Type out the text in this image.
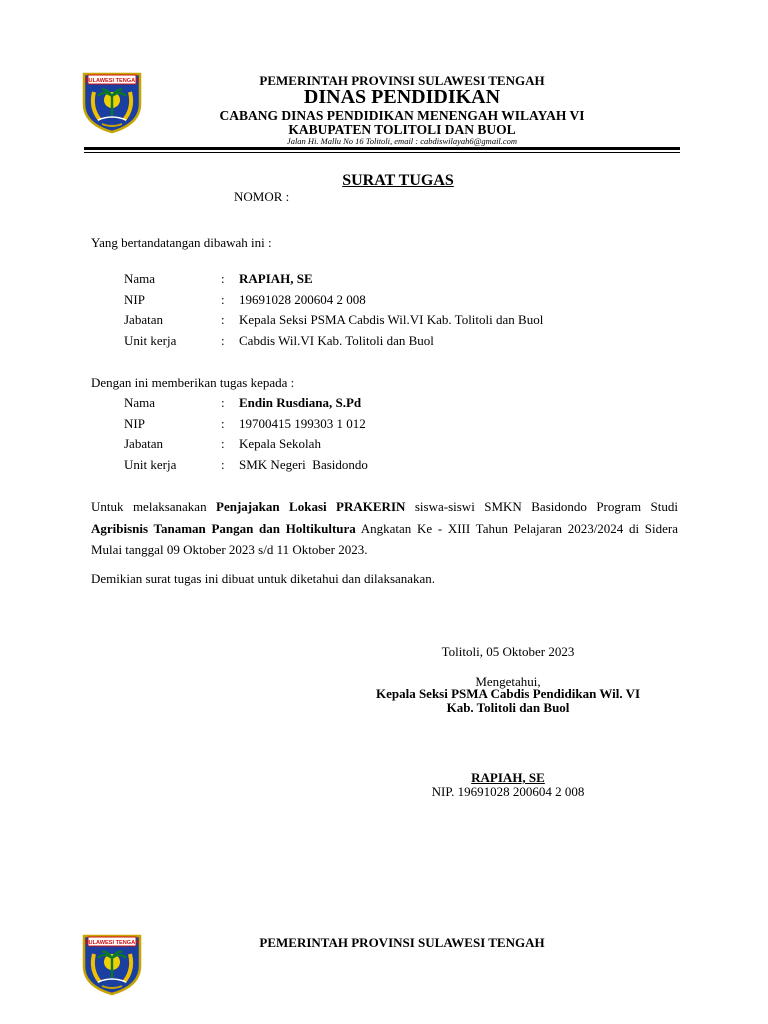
SULAWESI TENGAH	PEMERINTAH PROVINSI SULAWESI TENGAH
DINAS PENDIDIKAN
CABANG DINAS PENDIDIKAN MENENGAH WILAYAH VI
KABUPATEN TOLITOLI DAN BUOL
Jalan Hi. Mallu No 16 Tolitoli, email : cabdiswilayah6@gmail.com
SURAT TUGAS
NOMOR :
Yang bertandatangan dibawah ini :
Nama	: RAPIAH, SE
NIP	: 19691028 200604 2 008
Jabatan	: Kepala Seksi PSMA Cabdis Wil.VI Kab. Tolitoli dan Buol
Unit kerja	: Cabdis Wil.VI Kab. Tolitoli dan Buol
Dengan ini memberikan tugas kepada :
Nama	: Endin Rusdiana, S.Pd
NIP	: 19700415 199303 1 012
Jabatan	: Kepala Sekolah
Unit kerja	: SMK Negeri  Basidondo
Untuk melaksanakan Penjajakan Lokasi PRAKERIN siswa-siswi SMKN Basidondo Program Studi Agribisnis Tanaman Pangan dan Holtikultura Angkatan Ke - XIII Tahun Pelajaran 2023/2024 di Sidera Mulai tanggal 09 Oktober 2023 s/d 11 Oktober 2023.
Demikian surat tugas ini dibuat untuk diketahui dan dilaksanakan.
Tolitoli, 05 Oktober 2023
Mengetahui,
Kepala Seksi PSMA Cabdis Pendidikan Wil. VI
Kab. Tolitoli dan Buol
RAPIAH, SE
NIP. 19691028 200604 2 008
SULAWESI TENGAH	PEMERINTAH PROVINSI SULAWESI TENGAH
